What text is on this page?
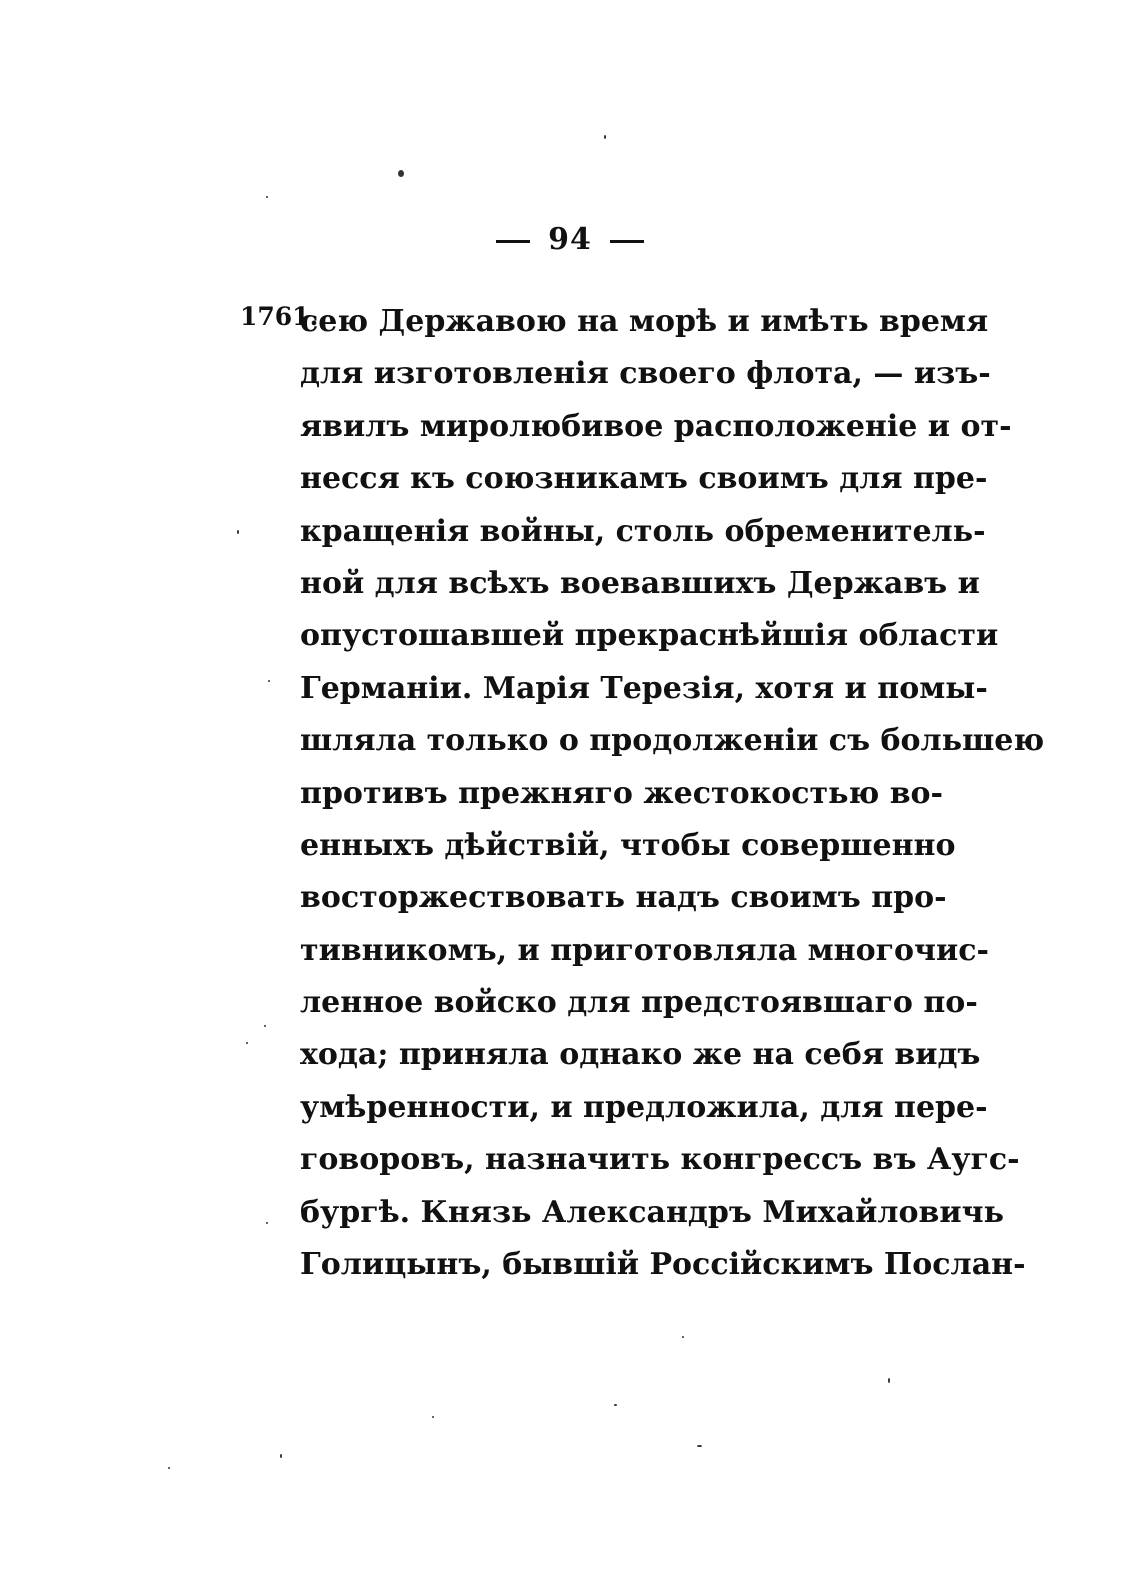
94
1761.
сею Державою на морѣ и имѣть время
для изготовленія своего флота, — изъ-
явилъ миролюбивое расположеніе и от-
несся къ союзникамъ своимъ для пре-
кращенія войны, столь обременитель-
ной для всѣхъ воевавшихъ Державъ и
опустошавшей прекраснѣйшія области
Германіи. Марія Терезія, хотя и помы-
шляла только о продолженіи съ большею
противъ прежняго жестокостью во-
енныхъ дѣйствій, чтобы совершенно
восторжествовать надъ своимъ про-
тивникомъ, и приготовляла многочис-
ленное войско для предстоявшаго по-
хода; приняла однако же на себя видъ
умѣренности, и предложила, для пере-
говоровъ, назначить конгрессъ въ Аугс-
бургѣ. Князь Александръ Михайловичь
Голицынъ, бывшій Россійскимъ Послан-
